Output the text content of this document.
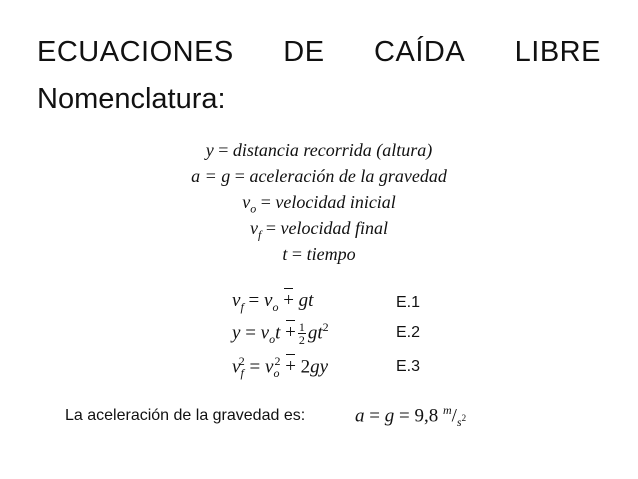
ECUACIONES DE CAÍDA LIBRE
Nomenclatura:
y = distancia recorrida (altura)
a = g = aceleración de la gravedad
$v_o$ = velocidad inicial
$v_f$ = velocidad final
t = tiempo
$v_f = v_o$ + gt	E.1
$y = v_ot + \frac{1}{2} gt^2$	E.2
$v_f^2 = v_o^2 + 2gy$	E.3
La aceleración de la gravedad es:	a = g = 9,8 $^m/_{s^2}$
